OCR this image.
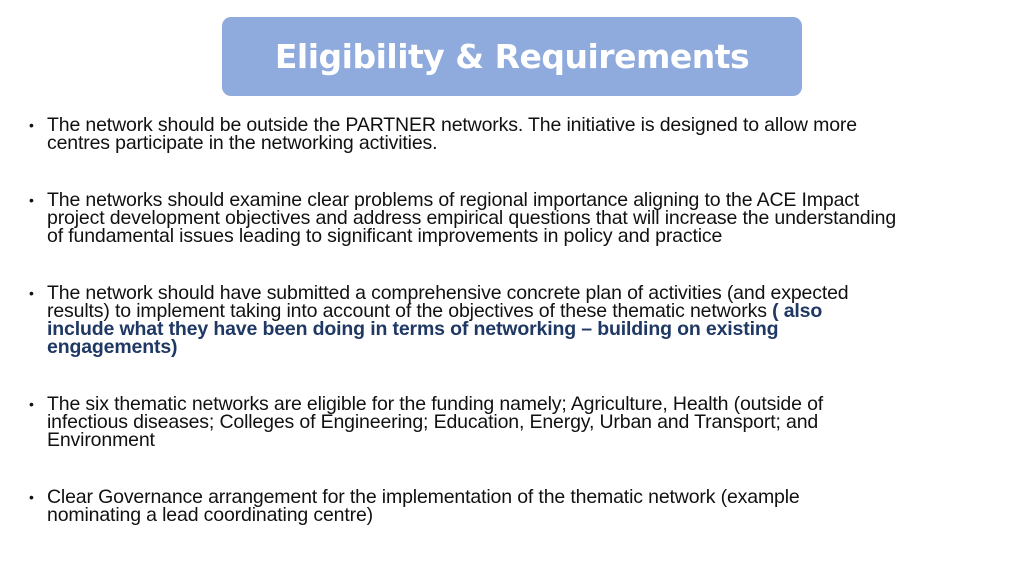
Eligibility & Requirements
• The network should be outside the PARTNER networks. The initiative is designed to allow more
centres participate in the networking activities.
• The networks should examine clear problems of regional importance aligning to the ACE Impact
project development objectives and address empirical questions that will increase the understanding
of fundamental issues leading to significant improvements in policy and practice
• The network should have submitted a comprehensive concrete plan of activities (and expected
results) to implement taking into account of the objectives of these thematic networks ( also
include what they have been doing in terms of networking – building on existing
engagements)
• The six thematic networks are eligible for the funding namely; Agriculture, Health (outside of
infectious diseases; Colleges of Engineering; Education, Energy, Urban and Transport; and
Environment
• Clear Governance arrangement for the implementation of the thematic network (example
nominating a lead coordinating centre)
